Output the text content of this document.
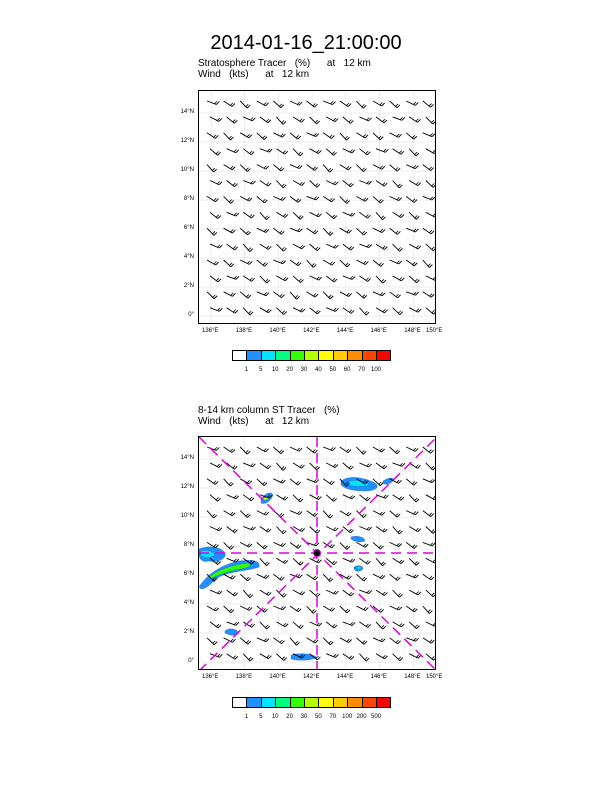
2014-01-16_21:00:00
Stratosphere Tracer   (%)      at   12 km
Wind   (kts)      at   12 km
0°
2°N
4°N
6°N
8°N
10°N
12°N
14°N
136°E	138°E	140°E	142°E	144°E	146°E	148°E 150°E
1 5 10 20 30 40 50 60 70 100
8-14 km column ST Tracer   (%)
Wind   (kts)      at   12 km
0°
2°N
4°N
6°N
8°N
10°N
12°N
14°N
136°E	138°E	140°E	142°E	144°E	146°E	148°E 150°E
1 5 10 20 30 50 70 100 200 500
